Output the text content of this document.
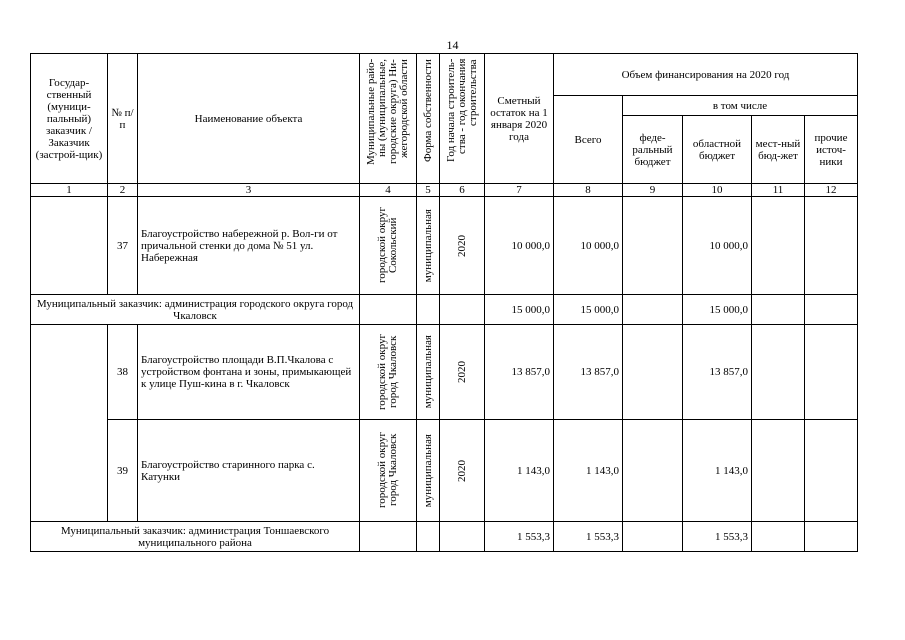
14
Государ-ственный (муници-пальный) заказчик / Заказчик (застрой-щик)	№ п/п	Наименование объекта	Муниципальные райо-
ны (муниципальные,
городские округа) Ни-
жегородской области	Форма собственности	Год начала строитель-
ства - год окончания
строительства	Сметный остаток на 1 января 2020 года	Объем финансирования на 2020 год				
							Всего	в том числе			
								феде-ральный бюджет	областной бюджет	мест-ный бюд-жет	прочие источ-ники
1	2	3	4	5	6	7	8	9	10	11	12
	37	Благоустройство набережной р. Вол-ги от причальной стенки до дома № 51 ул. Набережная	городской округ
Сокольский	муниципальная	2020	10 000,0	10 000,0		10 000,0		
Муниципальный заказчик: администрация городского округа город Чкаловск						15 000,0	15 000,0		15 000,0		
	38	Благоустройство площади В.П.Чкалова с устройством фонтана и зоны, примыкающей к улице Пуш-кина в г. Чкаловск	городской округ
город Чкаловск	муниципальная	2020	13 857,0	13 857,0		13 857,0		
	39	Благоустройство старинного парка с. Катунки	городской округ
город Чкаловск	муниципальная	2020	1 143,0	1 143,0		1 143,0		
Муниципальный заказчик: администрация Тоншаевского муниципального района						1 553,3	1 553,3		1 553,3		
